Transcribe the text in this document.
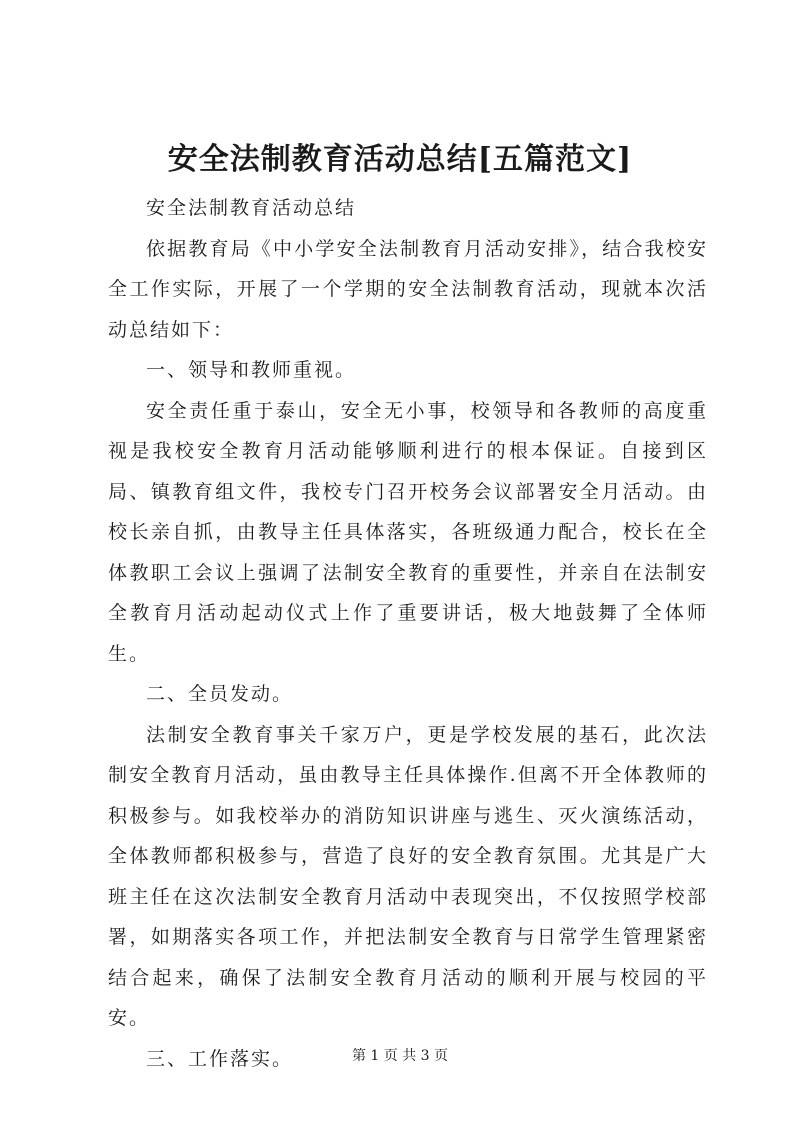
安全法制教育活动总结[五篇范文]

安全法制教育活动总结

依据教育局《中小学安全法制教育月活动安排》，结合我校安全工作实际，开展了一个学期的安全法制教育活动，现就本次活动总结如下：

一、领导和教师重视。

安全责任重于泰山，安全无小事，校领导和各教师的高度重视是我校安全教育月活动能够顺利进行的根本保证。自接到区局、镇教育组文件，我校专门召开校务会议部署安全月活动。由校长亲自抓，由教导主任具体落实，各班级通力配合，校长在全体教职工会议上强调了法制安全教育的重要性，并亲自在法制安全教育月活动起动仪式上作了重要讲话，极大地鼓舞了全体师生。

二、全员发动。

法制安全教育事关千家万户，更是学校发展的基石，此次法制安全教育月活动，虽由教导主任具体操作.但离不开全体教师的积极参与。如我校举办的消防知识讲座与逃生、灭火演练活动，全体教师都积极参与，营造了良好的安全教育氛围。尤其是广大班主任在这次法制安全教育月活动中表现突出，不仅按照学校部署，如期落实各项工作，并把法制安全教育与日常学生管理紧密结合起来，确保了法制安全教育月活动的顺利开展与校园的平安。

三、工作落实。	第 1 页 共 3 页
